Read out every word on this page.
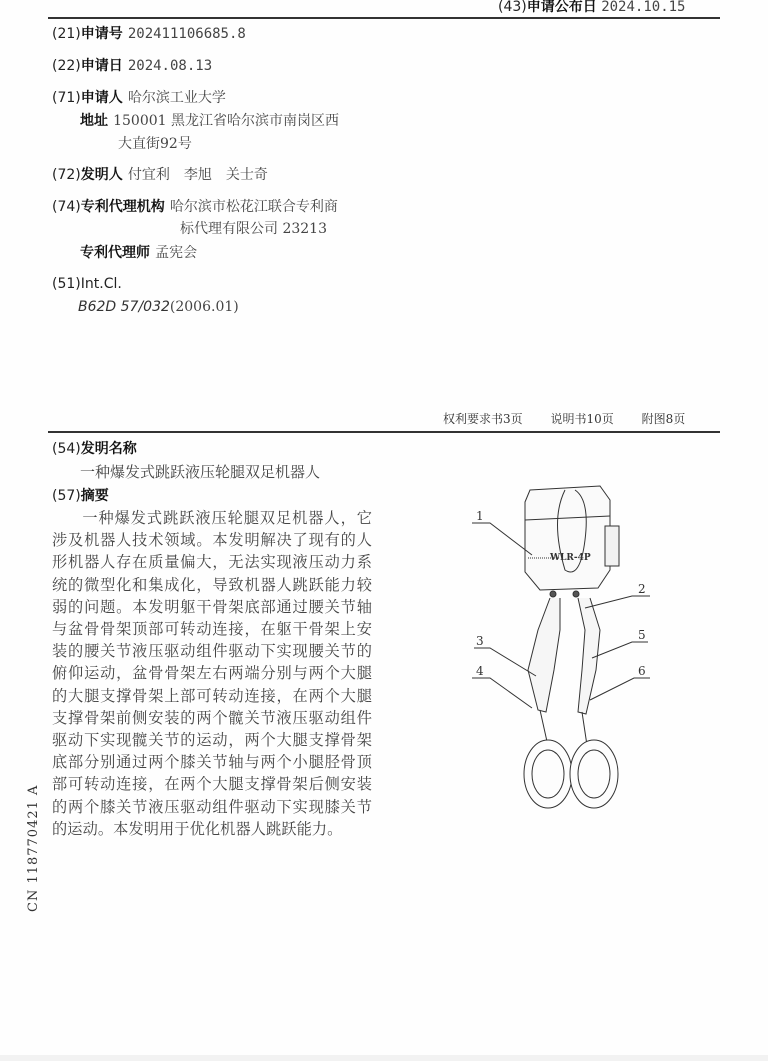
(43)申请公布日 2024.10.15
(21)申请号 202411106685.8
(22)申请日 2024.08.13
(71)申请人 哈尔滨工业大学
地址 150001 黑龙江省哈尔滨市南岗区西
大直街92号
(72)发明人 付宜利　李旭　关士奇
(74)专利代理机构 哈尔滨市松花江联合专利商
标代理有限公司 23213
专利代理师 孟宪会
(51)Int.Cl.
B62D 57/032(2006.01)
权利要求书3页 说明书10页 附图8页
(54)发明名称
一种爆发式跳跃液压轮腿双足机器人
(57)摘要
一种爆发式跳跃液压轮腿双足机器人，它涉及机器人技术领域。本发明解决了现有的人形机器人存在质量偏大，无法实现液压动力系统的微型化和集成化，导致机器人跳跃能力较弱的问题。本发明躯干骨架底部通过腰关节轴与盆骨骨架顶部可转动连接，在躯干骨架上安装的腰关节液压驱动组件驱动下实现腰关节的俯仰运动，盆骨骨架左右两端分别与两个大腿的大腿支撑骨架上部可转动连接，在两个大腿支撑骨架前侧安装的两个髋关节液压驱动组件驱动下实现髋关节的运动，两个大腿支撑骨架底部分别通过两个膝关节轴与两个小腿胫骨顶部可转动连接，在两个大腿支撑骨架后侧安装的两个膝关节液压驱动组件驱动下实现膝关节的运动。本发明用于优化机器人跳跃能力。
CN 118770421 A
WLR-4P
1
2
3
4
5
6
